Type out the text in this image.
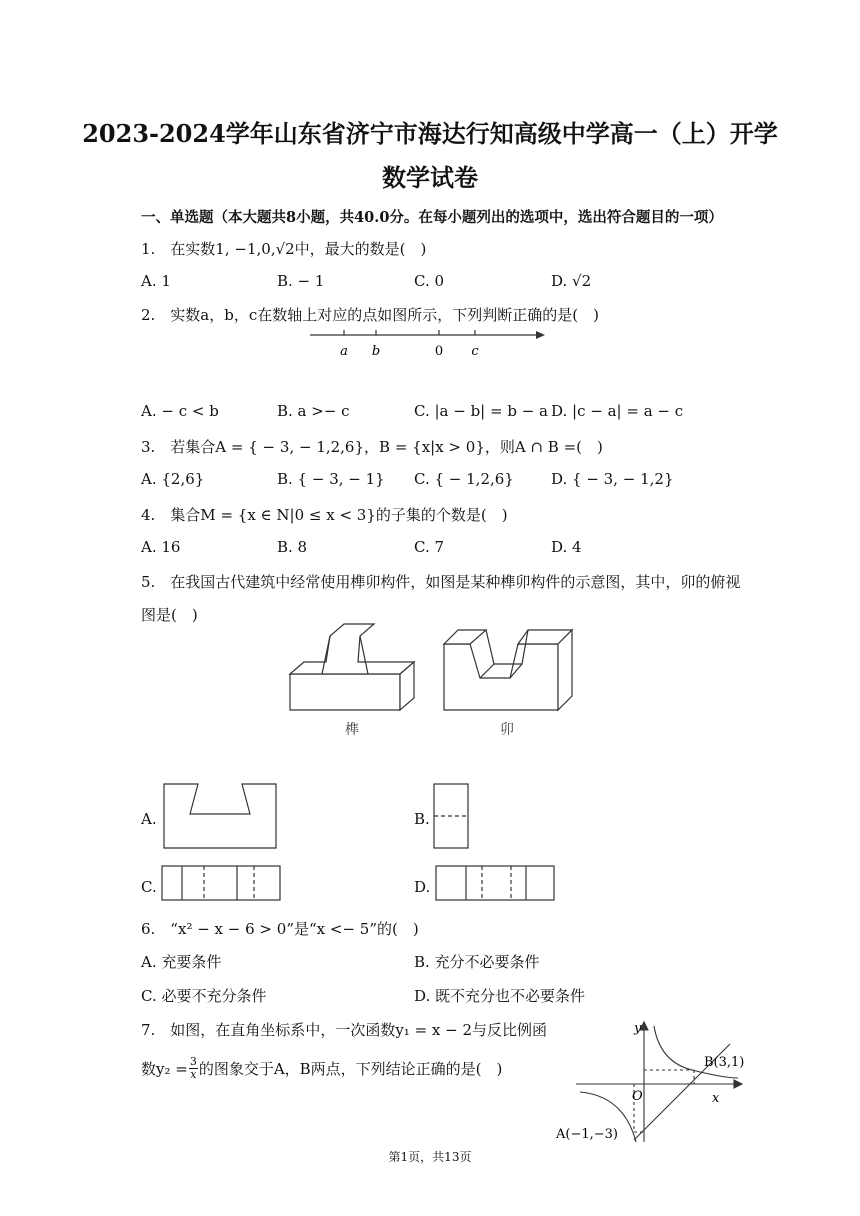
2023-2024学年山东省济宁市海达行知高级中学高一（上）开学
数学试卷
一、单选题（本大题共8小题，共40.0分。在每小题列出的选项中，选出符合题目的一项）
1.　在实数1, −1,0,√2中，最大的数是(　)
A. 1	B. − 1	C. 0	D. √2
2.　实数a，b，c在数轴上对应的点如图所示，下列判断正确的是(　)
a b	0 c
A. − c < b	B. a >− c	C. |a − b| = b − a D. |c − a| = a − c
3.　若集合A = { − 3, − 1,2,6}，B = {x|x > 0}，则A ∩ B =(　)
A. {2,6}	B. { − 3, − 1} C. { − 1,2,6} D. { − 3, − 1,2}
4.　集合M = {x ∈ N|0 ≤ x < 3}的子集的个数是(　)
A. 16	B. 8	C. 7	D. 4
5.　在我国古代建筑中经常使用榫卯构件，如图是某种榫卯构件的示意图，其中，卯的俯视
图是(　)
榫	卯
A.	B.
C.	D.
6.　“x² − x − 6 > 0”是“x <− 5”的(　)
A. 充要条件	B. 充分不必要条件
C. 必要不充分条件	D. 既不充分也不必要条件
7.　如图，在直角坐标系中，一次函数y₁ = x − 2与反比例函
数$y_2 = \frac{3}{x}$ 的图象交于A，B两点，下列结论正确的是(　)
y
x
O
B(3,1)
A(−1,−3)
第1页，共13页
